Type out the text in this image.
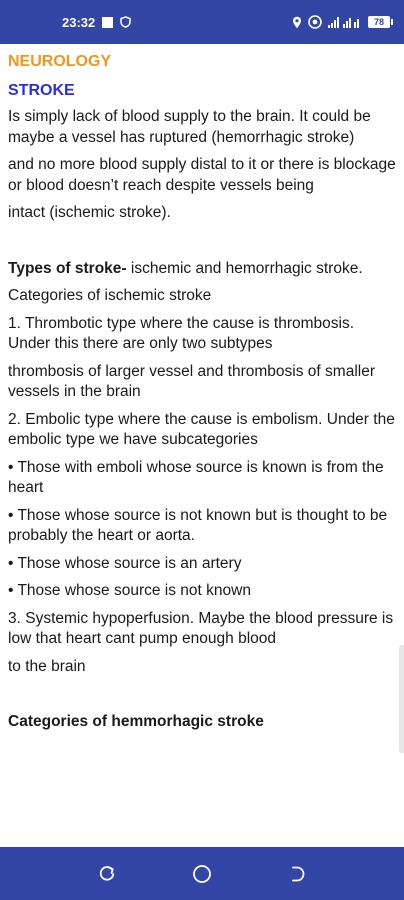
23:32	78
NEUROLOGY
STROKE
Is simply lack of blood supply to the brain. It could be maybe a vessel has ruptured (hemorrhagic stroke)
and no more blood supply distal to it or there is blockage or blood doesn’t reach despite vessels being
intact (ischemic stroke).
Types of stroke- ischemic and hemorrhagic stroke.
Categories of ischemic stroke
1. Thrombotic type where the cause is thrombosis. Under this there are only two subtypes
thrombosis of larger vessel and thrombosis of smaller vessels in the brain
2. Embolic type where the cause is embolism. Under the embolic type we have subcategories
• Those with emboli whose source is known is from the heart
• Those whose source is not known but is thought to be probably the heart or aorta.
• Those whose source is an artery
• Those whose source is not known
3. Systemic hypoperfusion. Maybe the blood pressure is low that heart cant pump enough blood
to the brain
Categories of hemmorhagic stroke
